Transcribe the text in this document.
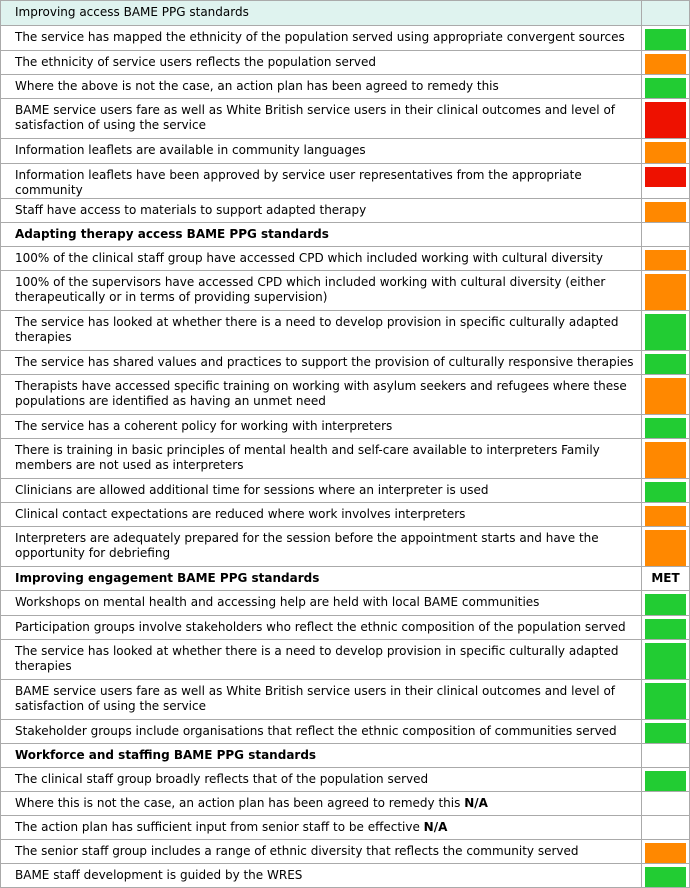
Improving access BAME PPG standards	

The service has mapped the ethnicity of the population served using appropriate convergent sources	

The ethnicity of service users reflects the population served	

Where the above is not the case, an action plan has been agreed to remedy this	

BAME service users fare as well as White British service users in their clinical outcomes and level of satisfaction of using the service	

Information leaflets are available in community languages	

Information leaflets have been approved by service user representatives from the appropriate community	

Staff have access to materials to support adapted therapy	

Adapting therapy access BAME PPG standards	

100% of the clinical staff group have accessed CPD which included working with cultural diversity	

100% of the supervisors have accessed CPD which included working with cultural diversity (either therapeutically or in terms of providing supervision)	

The service has looked at whether there is a need to develop provision in specific culturally adapted therapies	

The service has shared values and practices to support the provision of culturally responsive therapies	

Therapists have accessed specific training on working with asylum seekers and refugees where these populations are identified as having an unmet need	

The service has a coherent policy for working with interpreters	

There is training in basic principles of mental health and self-care available to interpreters Family members are not used as interpreters	

Clinicians are allowed additional time for sessions where an interpreter is used	

Clinical contact expectations are reduced where work involves interpreters	

Interpreters are adequately prepared for the session before the appointment starts and have the opportunity for debriefing	

Improving engagement BAME PPG standards	MET

Workshops on mental health and accessing help are held with local BAME communities	

Participation groups involve stakeholders who reflect the ethnic composition of the population served	

The service has looked at whether there is a need to develop provision in specific culturally adapted therapies	

BAME service users fare as well as White British service users in their clinical outcomes and level of satisfaction of using the service	

Stakeholder groups include organisations that reflect the ethnic composition of communities served	

Workforce and staffing BAME PPG standards	

The clinical staff group broadly reflects that of the population served	

Where this is not the case, an action plan has been agreed to remedy this N/A	

The action plan has sufficient input from senior staff to be effective N/A	

The senior staff group includes a range of ethnic diversity that reflects the community served	

BAME staff development is guided by the WRES	
